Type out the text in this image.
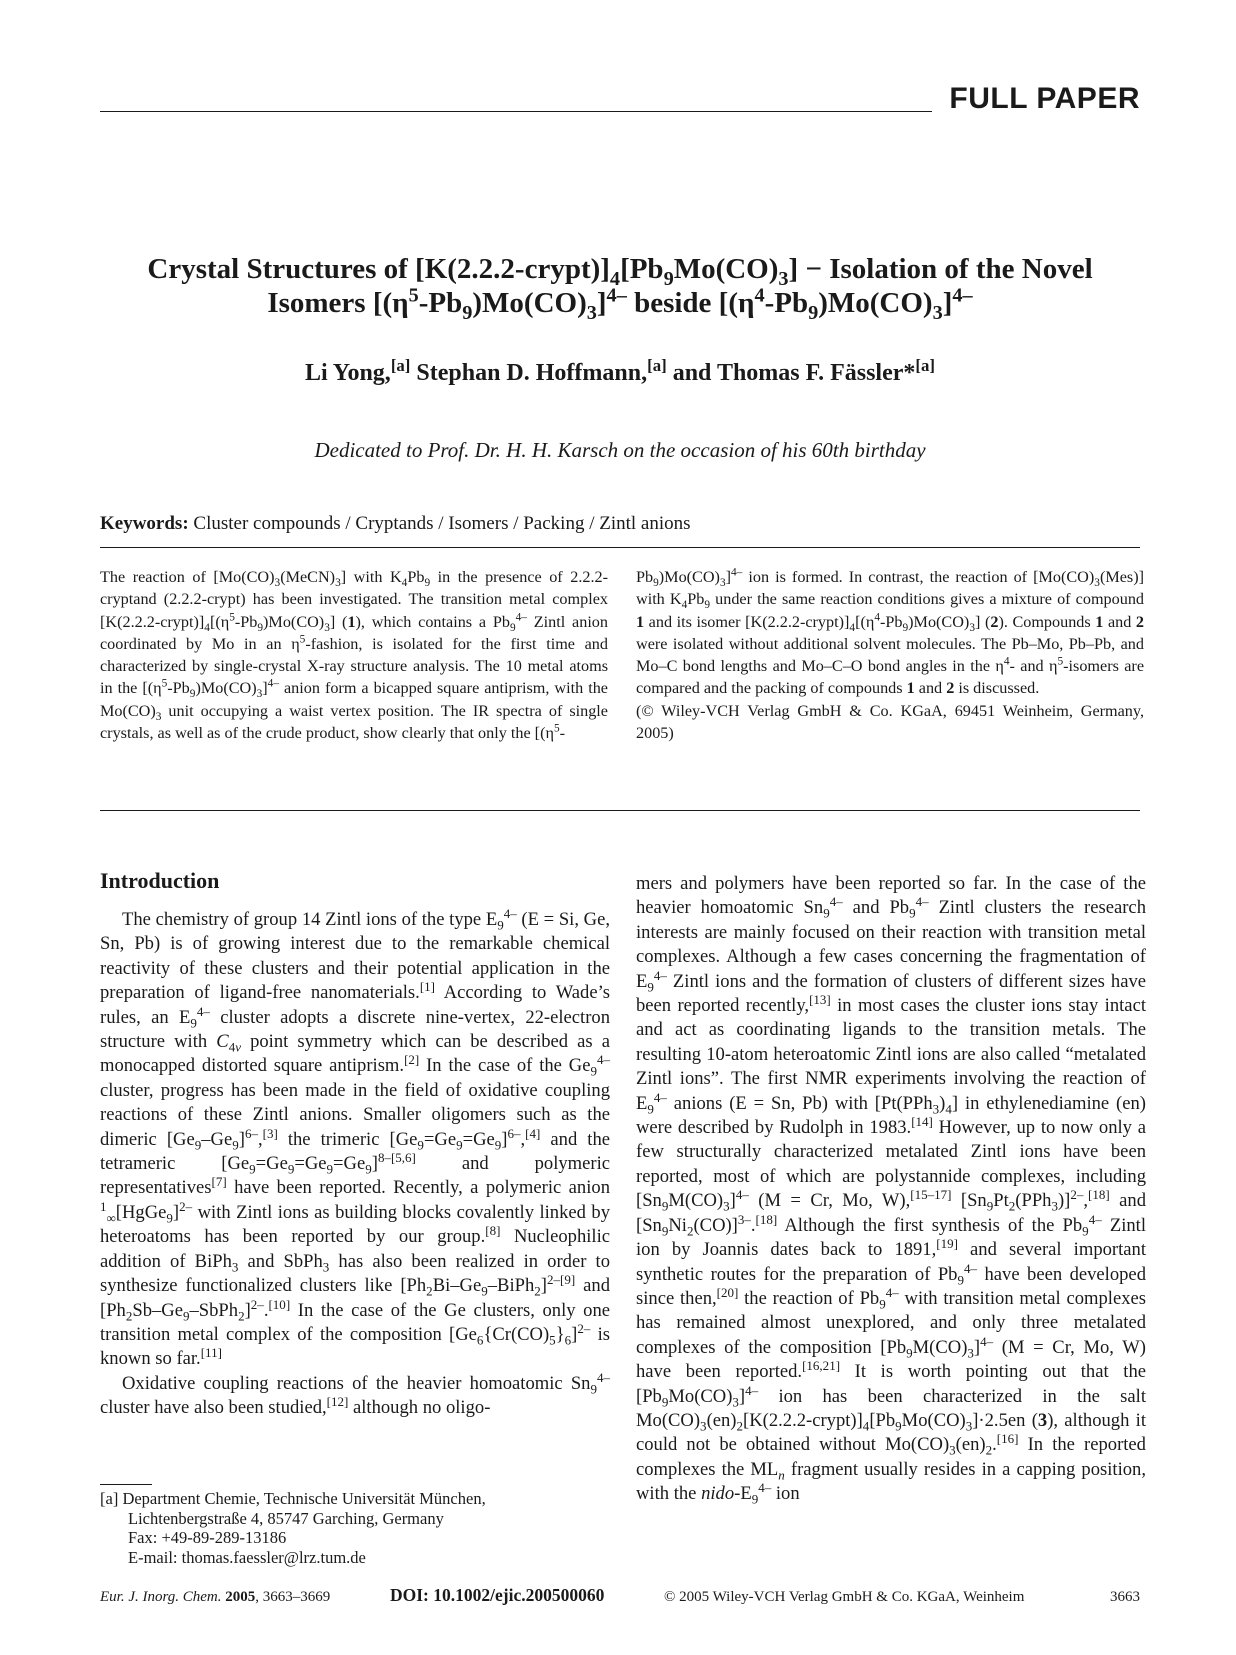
FULL PAPER
Crystal Structures of $[K(2.2.2-crypt)]_4[Pb_9Mo(CO)_3]$ − Isolation of the Novel
Isomers $[(\eta^5-Pb_9)Mo(CO)_3]^{4-}$ beside $[(\eta^4-Pb_9)Mo(CO)_3]^{4-}$
Li Yong,[a] Stephan D. Hoffmann,[a] and Thomas F. Fässler*[a]
Dedicated to Prof. Dr. H. H. Karsch on the occasion of his 60th birthday
Keywords: Cluster compounds / Cryptands / Isomers / Packing / Zintl anions
The reaction of $[Mo(CO)_3(MeCN)_3]$ with $K_4Pb_9$ in the presence of 2.2.2-cryptand (2.2.2-crypt) has been investigated. The transition metal complex $[K(2.2.2-crypt)]_4[(\eta^5-Pb_9)Mo(CO)_3]$ (1), which contains a $Pb_9^{4-}$ Zintl anion coordinated by Mo in an $\eta^5$-fashion, is isolated for the first time and characterized by single-crystal X-ray structure analysis. The 10 metal atoms in the $[(\eta^5-Pb_9)Mo(CO)_3]^{4-}$ anion form a bicapped square antiprism, with the $Mo(CO)_3$ unit occupying a waist vertex position. The IR spectra of single crystals, as well as of the crude product, show clearly that only the [($\eta^5-$
$Pb_9)Mo(CO)_3]^{4-}$ ion is formed. In contrast, the reaction of $[Mo(CO)_3(Mes)]$ with $K_4Pb_9$ under the same reaction conditions gives a mixture of compound 1 and its isomer $[K(2.2.2-crypt)]_4[(\eta^4-Pb_9)Mo(CO)_3]$ (2). Compounds 1 and 2 were isolated without additional solvent molecules. The Pb–Mo, Pb–Pb, and Mo–C bond lengths and Mo–C–O bond angles in the $\eta^4-$ and $\eta^5$-isomers are compared and the packing of compounds 1 and 2 is discussed.
(© Wiley-VCH Verlag GmbH & Co. KGaA, 69451 Weinheim, Germany, 2005)
Introduction

The chemistry of group 14 Zintl ions of the type $E_9^{4-}$ (E = Si, Ge, Sn, Pb) is of growing interest due to the remarkable chemical reactivity of these clusters and their potential application in the preparation of ligand-free nanomaterials.[1] According to Wade’s rules, an $E_9^{4-}$ cluster adopts a discrete nine-vertex, 22-electron structure with $C_{4v}$ point symmetry which can be described as a monocapped distorted square antiprism.[2] In the case of the $Ge_9^{4-}$ cluster, progress has been made in the field of oxidative coupling reactions of these Zintl anions. Smaller oligomers such as the dimeric $[Ge_9-Ge_9]^{6-},[3]$ the trimeric $[Ge_9=Ge_9=Ge_9]^{6-},[4]$ and the tetrameric $[Ge_9=Ge_9=Ge_9=Ge_9]^{8-[5,6]}$ and polymeric representatives[7] have been reported. Recently, a polymeric anion $^1_\infty$[HgGe$_9$]$^{2-}$ with Zintl ions as building blocks covalently linked by heteroatoms has been reported by our group.[8] Nucleophilic addition of BiPh$_3$ and SbPh$_3$ has also been realized in order to synthesize functionalized clusters like $[Ph_2Bi-Ge_9-BiPh_2]^{2-[9]}$ and $[Ph_2Sb-Ge_9-SbPh_2]^{2-}.[10]$ In the case of the Ge clusters, only one transition metal complex of the composition $[Ge_6\{Cr(CO)_5\}_6]^{2-}$ is known so far.[11]

Oxidative coupling reactions of the heavier homoatomic $Sn_9^{4-}$ cluster have also been studied,[12] although no oligo-

mers and polymers have been reported so far. In the case of the heavier homoatomic $Sn_9^{4-}$ and $Pb_9^{4-}$ Zintl clusters the research interests are mainly focused on their reaction with transition metal complexes. Although a few cases concerning the fragmentation of $E_9^{4-}$ Zintl ions and the formation of clusters of different sizes have been reported recently,[13] in most cases the cluster ions stay intact and act as coordinating ligands to the transition metals. The resulting 10-atom heteroatomic Zintl ions are also called “metalated Zintl ions”. The first NMR experiments involving the reaction of $E_9^{4-}$ anions (E = Sn, Pb) with $[Pt(PPh_3)_4]$ in ethylenediamine (en) were described by Rudolph in 1983.[14] However, up to now only a few structurally characterized metalated Zintl ions have been reported, most of which are polystannide complexes, including $[Sn_9M(CO)_3]^{4-}$ (M = Cr, Mo, W),[15–17] $[Sn_9Pt_2(PPh_3)]^{2-},[18]$ and $[Sn_9Ni_2(CO)]^{3-}.[18]$ Although the first synthesis of the $Pb_9^{4-}$ Zintl ion by Joannis dates back to 1891,[19] and several important synthetic routes for the preparation of $Pb_9^{4-}$ have been developed since then,[20] the reaction of $Pb_9^{4-}$ with transition metal complexes has remained almost unexplored, and only three metalated complexes of the composition $[Pb_9M(CO)_3]^{4-}$ (M = Cr, Mo, W) have been reported.[16,21] It is worth pointing out that the $[Pb_9Mo(CO)_3]^{4-}$ ion has been characterized in the salt $Mo(CO)_3(en)_2[K(2.2.2-crypt)]_4[Pb_9Mo(CO)_3]\cdot 2.5en$ (3), although it could not be obtained without $Mo(CO)_3(en)_2.[16]$ In the reported complexes the $ML_n$ fragment usually resides in a capping position, with the nido-$E_9^{4-}$ ion

[a] Department Chemie, Technische Universität München,
Lichtenbergstraße 4, 85747 Garching, Germany
Fax: +49-89-289-13186
E-mail: thomas.faessler@lrz.tum.de
Eur. J. Inorg. Chem. 2005, 3663–3669	DOI: 10.1002/ejic.200500060	© 2005 Wiley-VCH Verlag GmbH & Co. KGaA, Weinheim	3663
